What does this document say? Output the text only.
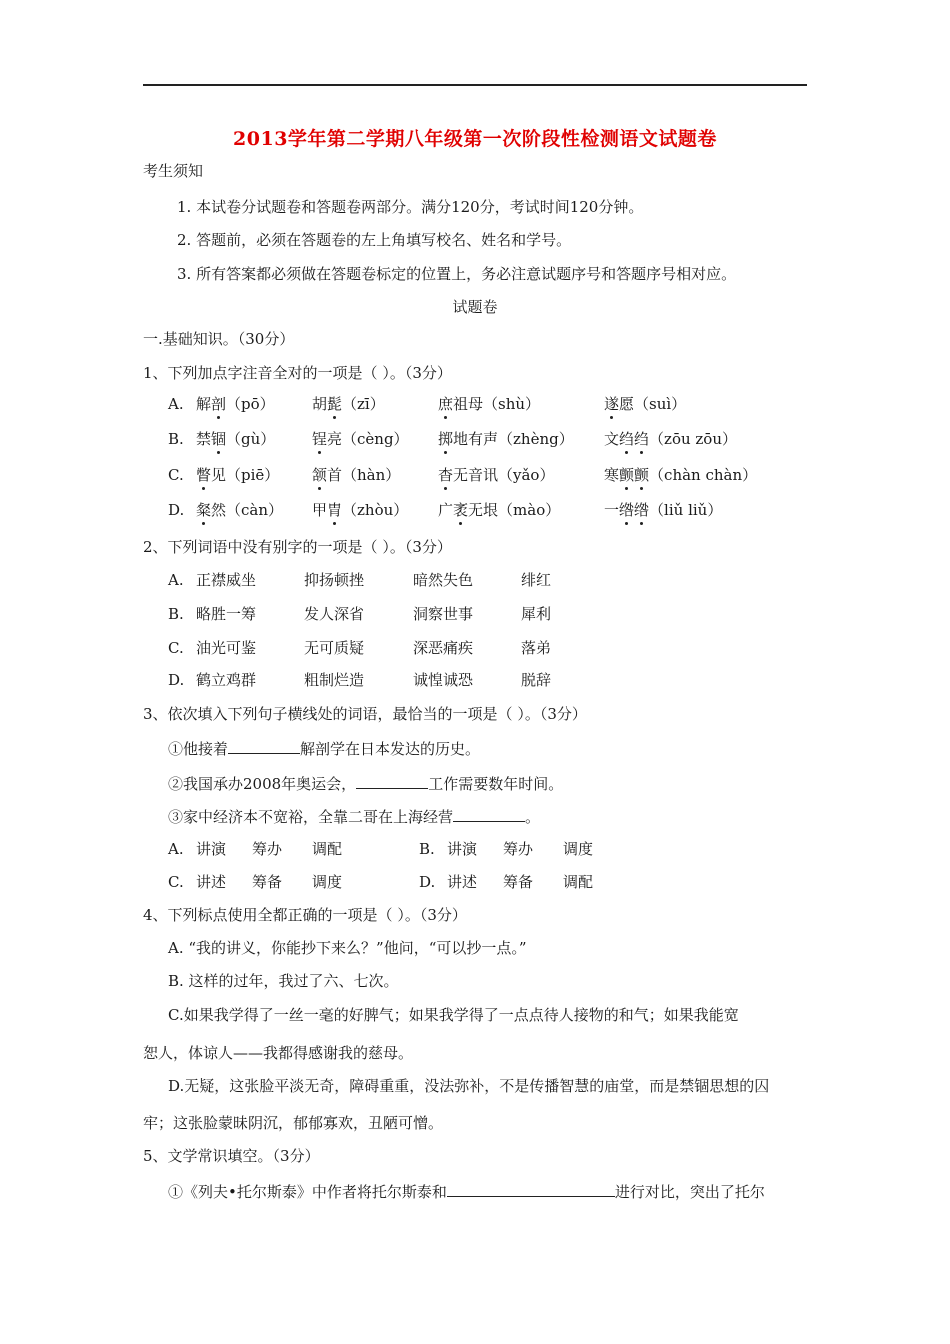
2013学年第二学期八年级第一次阶段性检测语文试题卷
考生须知
1. 本试卷分试题卷和答题卷两部分。满分120分，考试时间120分钟。
2. 答题前，必须在答题卷的左上角填写校名、姓名和学号。
3. 所有答案都必须做在答题卷标定的位置上，务必注意试题序号和答题序号相对应。
试题卷
一.基础知识。（30分）
1、下列加点字注音全对的一项是（ ）。（3分）
A. 解剖（pō） 胡髭（zī）	庶祖母（shù）	遂愿（suì）
B. 禁锢（gù） 锃亮（cèng） 掷地有声（zhèng） 文绉绉（zōu zōu）
C. 瞥见（piē） 颔首（hàn）	杳无音讯（yǎo）	寒颤颤（chàn chàn）
D. 粲然（càn） 甲胄（zhòu） 广袤无垠（mào）	一绺绺（liǔ liǔ）
2、下列词语中没有别字的一项是（ ）。（3分）
A. 正襟威坐	抑扬顿挫	暗然失色	绯红
B. 略胜一筹	发人深省	洞察世事	犀利
C. 油光可鉴	无可质疑	深恶痛疾	落弟
D. 鹤立鸡群	粗制烂造	诚惶诚恐	脱辞
3、依次填入下列句子横线处的词语，最恰当的一项是（ ）。（3分）
①他接着	解剖学在日本发达的历史。
②我国承办2008年奥运会，	工作需要数年时间。
③家中经济本不宽裕，全靠二哥在上海经营	。
A. 讲演 筹办 调配	B. 讲演 筹办 调度
C. 讲述 筹备 调度	D. 讲述 筹备 调配
4、下列标点使用全都正确的一项是（ ）。（3分）
A. “我的讲义，你能抄下来么？”他问，“可以抄一点。”
B. 这样的过年，我过了六、七次。
C.如果我学得了一丝一毫的好脾气；如果我学得了一点点待人接物的和气；如果我能宽
恕人，体谅人——我都得感谢我的慈母。
D.无疑，这张脸平淡无奇，障碍重重，没法弥补，不是传播智慧的庙堂，而是禁锢思想的囚
牢；这张脸蒙昧阴沉，郁郁寡欢，丑陋可憎。
5、文学常识填空。（3分）
①《列夫•托尔斯泰》中作者将托尔斯泰和	进行对比，突出了托尔
